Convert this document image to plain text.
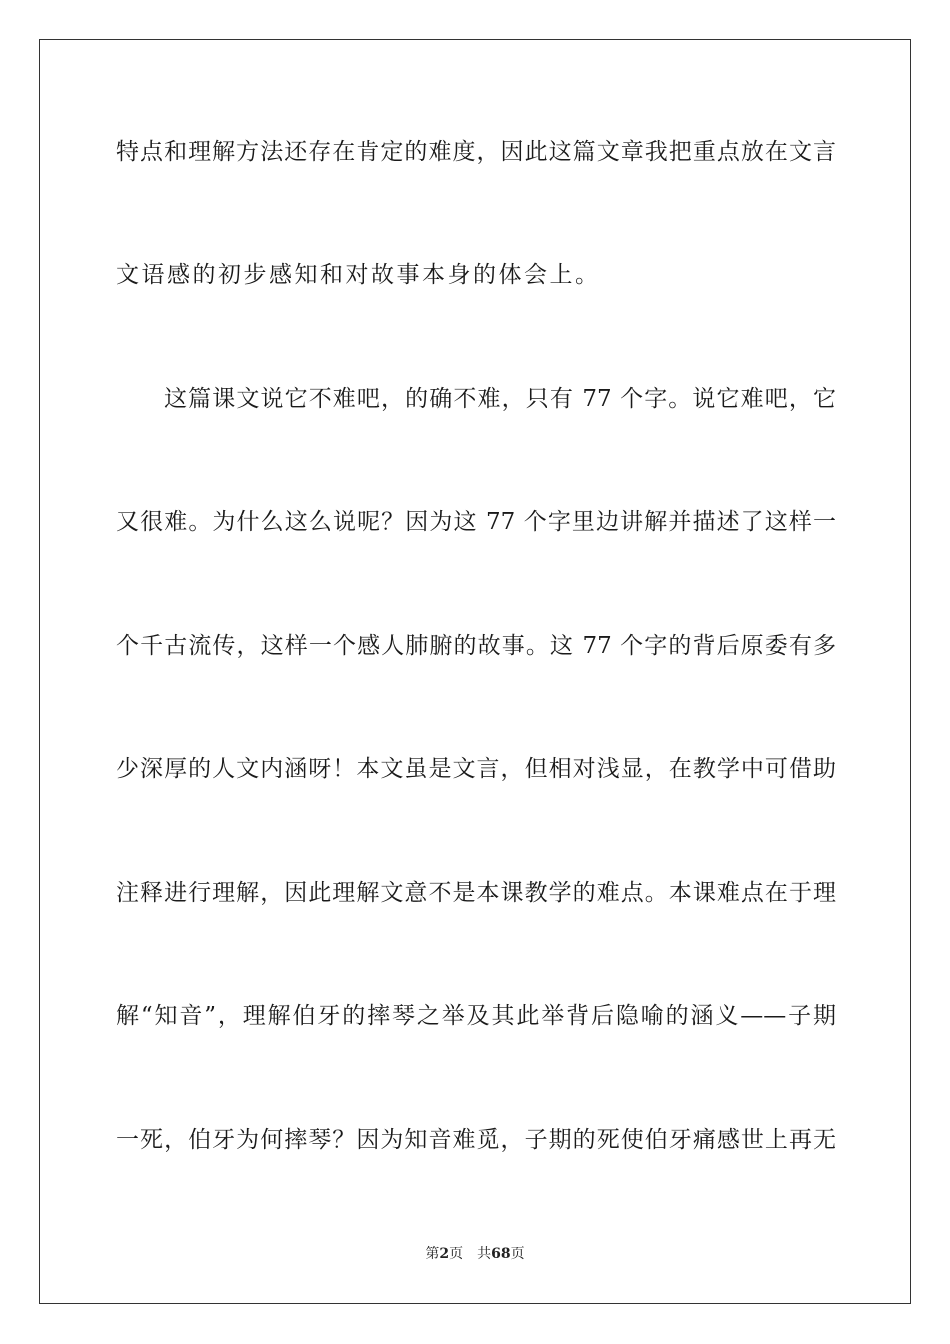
特点和理解方法还存在肯定的难度，因此这篇文章我把重点放在文言
文语感的初步感知和对故事本身的体会上。
这篇课文说它不难吧，的确不难，只有 77 个字。说它难吧，它
又很难。为什么这么说呢？因为这 77 个字里边讲解并描述了这样一
个千古流传，这样一个感人肺腑的故事。这 77 个字的背后原委有多
少深厚的人文内涵呀！本文虽是文言，但相对浅显，在教学中可借助
注释进行理解，因此理解文意不是本课教学的难点。本课难点在于理
解“知音”，理解伯牙的摔琴之举及其此举背后隐喻的涵义——子期
一死，伯牙为何摔琴？因为知音难觅，子期的死使伯牙痛感世上再无
第2页 共68页
